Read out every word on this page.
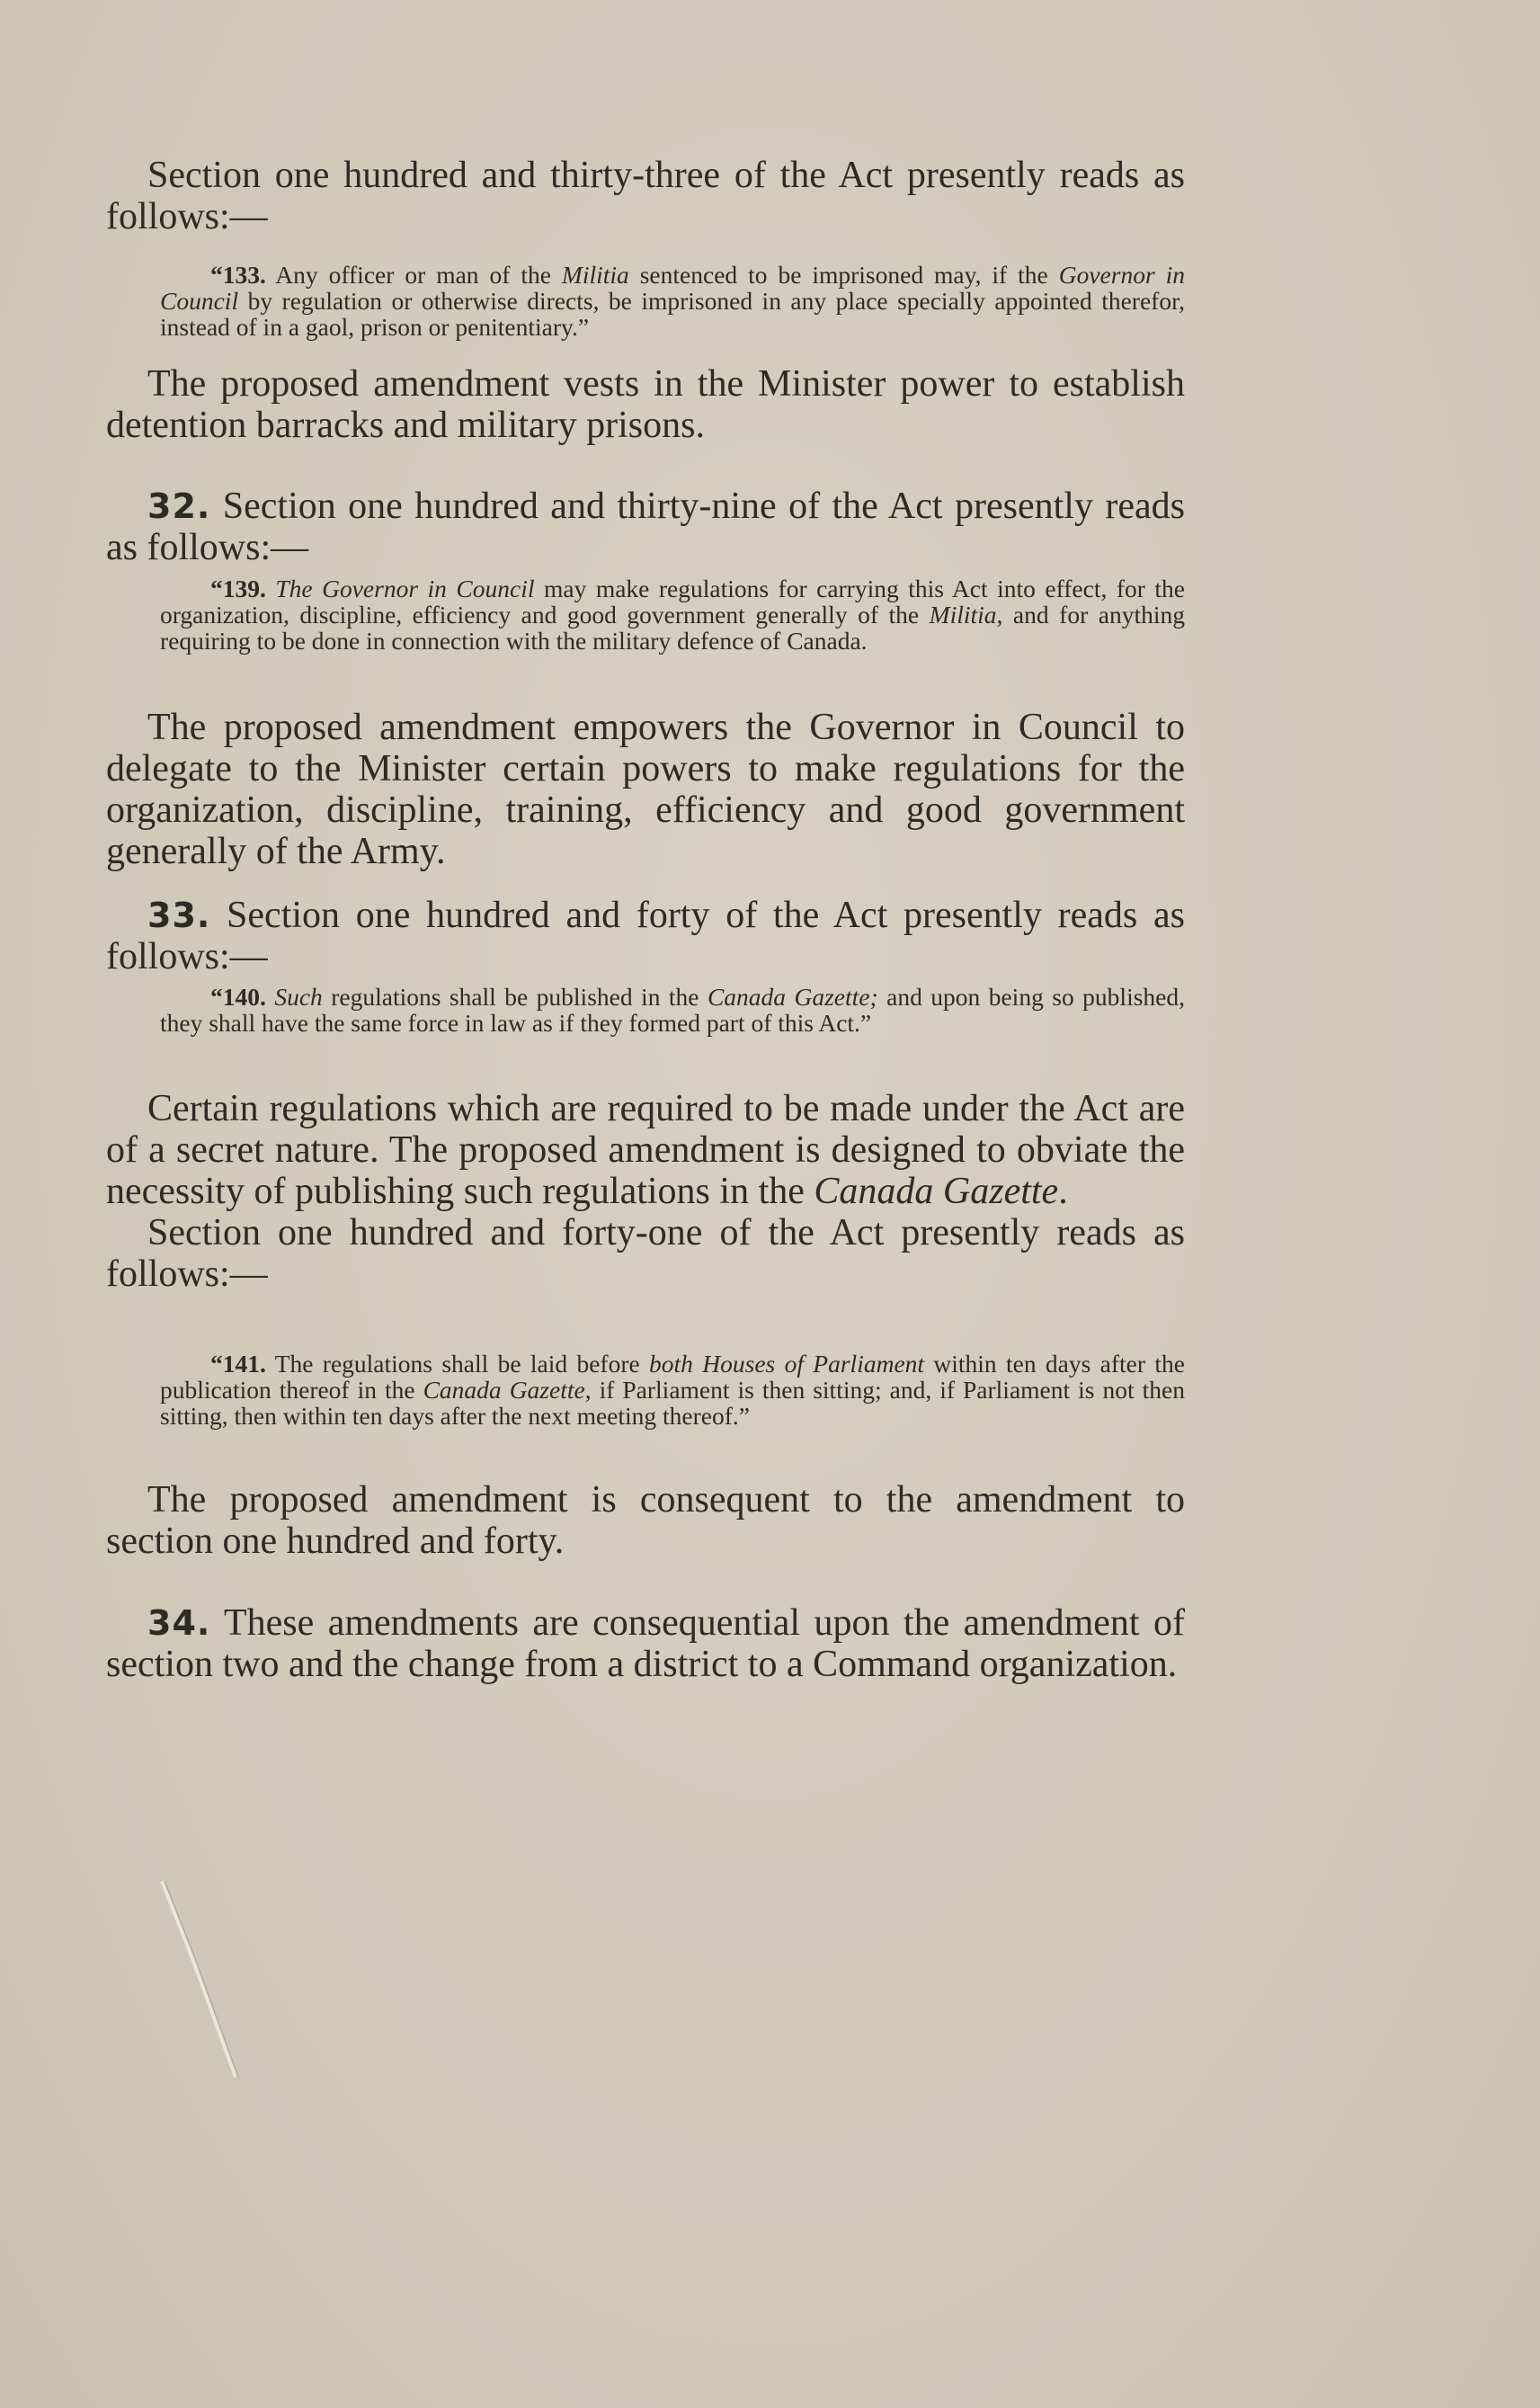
Section one hundred and thirty-three of the Act presently reads as follows:—

“133. Any officer or man of the Militia sentenced to be imprisoned may, if the Governor in Council by regulation or otherwise directs, be imprisoned in any place specially appointed therefor, instead of in a gaol, prison or penitentiary.”

The proposed amendment vests in the Minister power to establish detention barracks and military prisons.

32. Section one hundred and thirty-nine of the Act presently reads as follows:—

“139. The Governor in Council may make regulations for carrying this Act into effect, for the organization, discipline, efficiency and good government generally of the Militia, and for anything requiring to be done in connection with the military defence of Canada.

The proposed amendment empowers the Governor in Council to delegate to the Minister certain powers to make regulations for the organization, discipline, training, efficiency and good government generally of the Army.

33. Section one hundred and forty of the Act presently reads as follows:—

“140. Such regulations shall be published in the Canada Gazette; and upon being so published, they shall have the same force in law as if they formed part of this Act.”

Certain regulations which are required to be made under the Act are of a secret nature. The proposed amendment is designed to obviate the necessity of publishing such regulations in the Canada Gazette.

Section one hundred and forty-one of the Act presently reads as follows:—

“141. The regulations shall be laid before both Houses of Parliament within ten days after the publication thereof in the Canada Gazette, if Parliament is then sitting; and, if Parliament is not then sitting, then within ten days after the next meeting thereof.”

The proposed amendment is consequent to the amendment to section one hundred and forty.

34. These amendments are consequential upon the amendment of section two and the change from a district to a Command organization.
